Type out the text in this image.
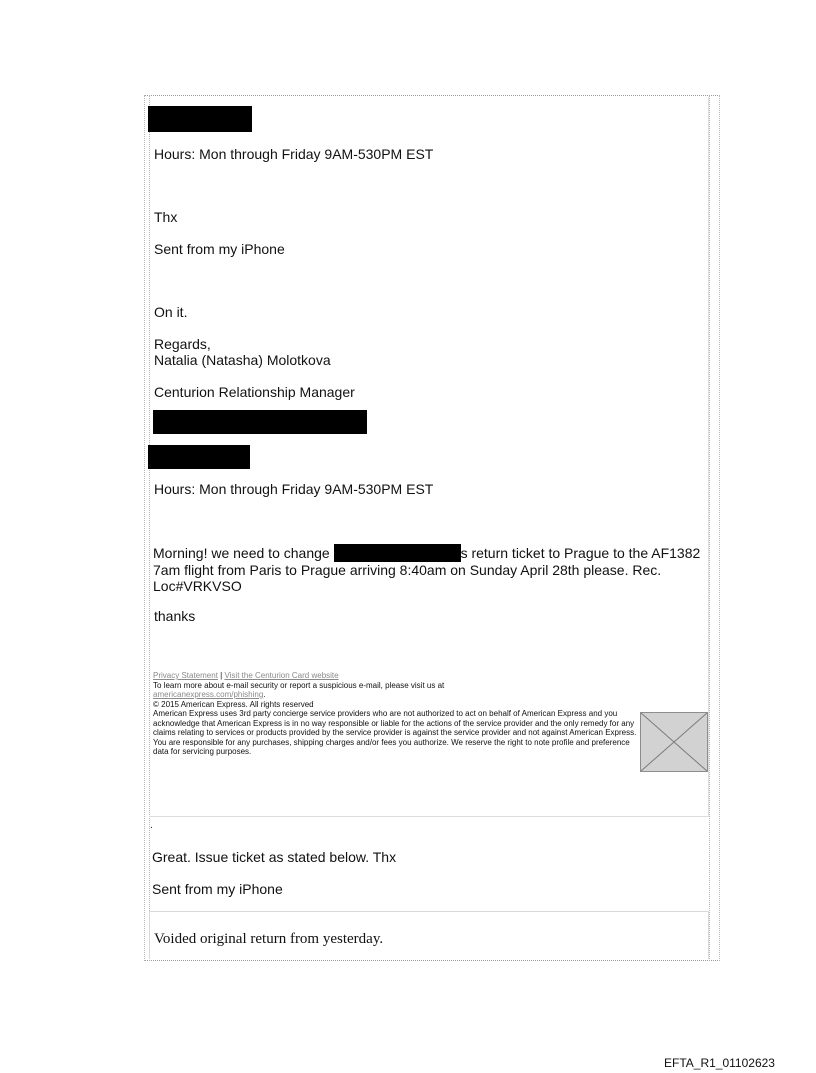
Hours: Mon through Friday 9AM-530PM EST

Thx

Sent from my iPhone

On it.

Regards,

Natalia (Natasha) Molotkova

Centurion Relationship Manager

Hours: Mon through Friday 9AM-530PM EST

Morning! we need to change	s return ticket to Prague to the AF1382 7am flight from Paris to Prague arriving 8:40am on Sunday April 28th please. Rec. Loc#VRKVSO

thanks

Privacy Statement | Visit the Centurion Card website

To learn more about e-mail security or report a suspicious e-mail, please visit us at

americanexpress.com/phishing.

© 2015 American Express. All rights reserved

American Express uses 3rd party concierge service providers who are not authorized to act on behalf of American Express and you acknowledge that American Express is in no way responsible or liable for the actions of the service provider and the only remedy for any claims relating to services or products provided by the service provider is against the service provider and not against American Express. You are responsible for any purchases, shipping charges and/or fees you authorize. We reserve the right to note profile and preference data for servicing purposes.

.

Great. Issue ticket as stated below. Thx

Sent from my iPhone

Voided original return from yesterday.

EFTA_R1_01102623
